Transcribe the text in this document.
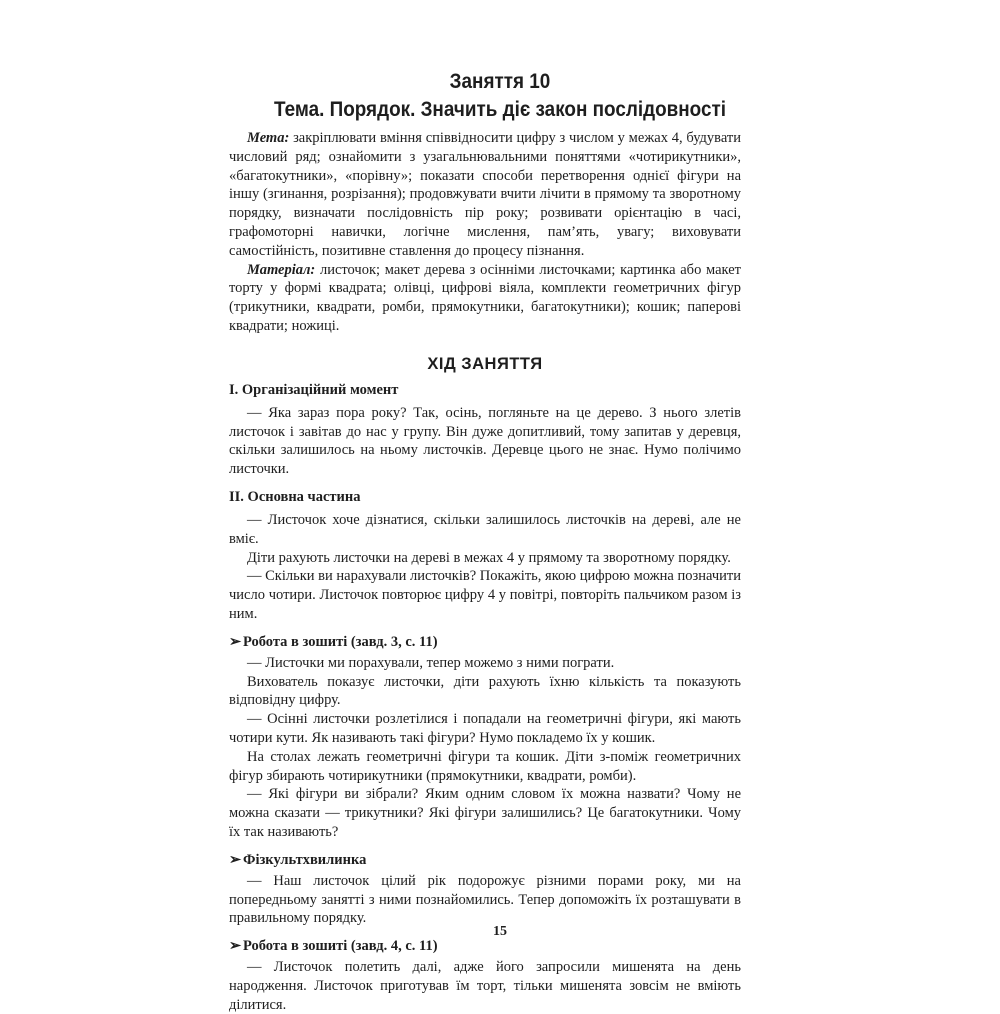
Заняття 10
Тема. Порядок. Значить діє закон послідовності

Мета: закріплювати вміння співвідносити цифру з числом у межах 4, будувати числовий ряд; ознайомити з узагальнювальними поняттями «чотирикутники», «багатокутники», «порівну»; показати способи перетворення однієї фігури на іншу (згинання, розрізання); продовжувати вчити лічити в прямому та зворотному порядку, визначати послідовність пір року; розвивати орієнтацію в часі, графомоторні навички, логічне мислення, пам’ять, увагу; виховувати самостійність, позитивне ставлення до процесу пізнання.

Матеріал: листочок; макет дерева з осінніми листочками; картинка або макет торту у формі квадрата; олівці, цифрові віяла, комплекти геометричних фігур (трикутники, квадрати, ромби, прямокутники, багатокутники); кошик; паперові квадрати; ножиці.

ХІД ЗАНЯТТЯ
І. Організаційний момент

— Яка зараз пора року? Так, осінь, погляньте на це дерево. З нього злетів листочок і завітав до нас у групу. Він дуже допитливий, тому запитав у деревця, скільки залишилось на ньому листочків. Деревце цього не знає. Нумо полічимо листочки.

ІІ. Основна частина

— Листочок хоче дізнатися, скільки залишилось листочків на дереві, але не вміє.

Діти рахують листочки на дереві в межах 4 у прямому та зворотному порядку.

— Скільки ви нарахували листочків? Покажіть, якою цифрою можна позначити число чотири. Листочок повторює цифру 4 у повітрі, повторіть пальчиком разом із ним.

➢ Робота в зошиті (завд. 3, с. 11)

— Листочки ми порахували, тепер можемо з ними пограти.

Вихователь показує листочки, діти рахують їхню кількість та показують відповідну цифру.

— Осінні листочки розлетілися і попадали на геометричні фігури, які мають чотири кути. Як називають такі фігури? Нумо покладемо їх у кошик.

На столах лежать геометричні фігури та кошик. Діти з-поміж геометричних фігур збирають чотирикутники (прямокутники, квадрати, ромби).

— Які фігури ви зібрали? Яким одним словом їх можна назвати? Чому не можна сказати — трикутники? Які фігури залишились? Це багатокутники. Чому їх так називають?

➢ Фізкультхвилинка

— Наш листочок цілий рік подорожує різними порами року, ми на попередньому занятті з ними познайомились. Тепер допоможіть їх розташувати в правильному порядку.

➢ Робота в зошиті (завд. 4, с. 11)

— Листочок полетить далі, адже його запросили мишенята на день народження. Листочок приготував їм торт, тільки мишенята зовсім не вміють ділитися.

15
